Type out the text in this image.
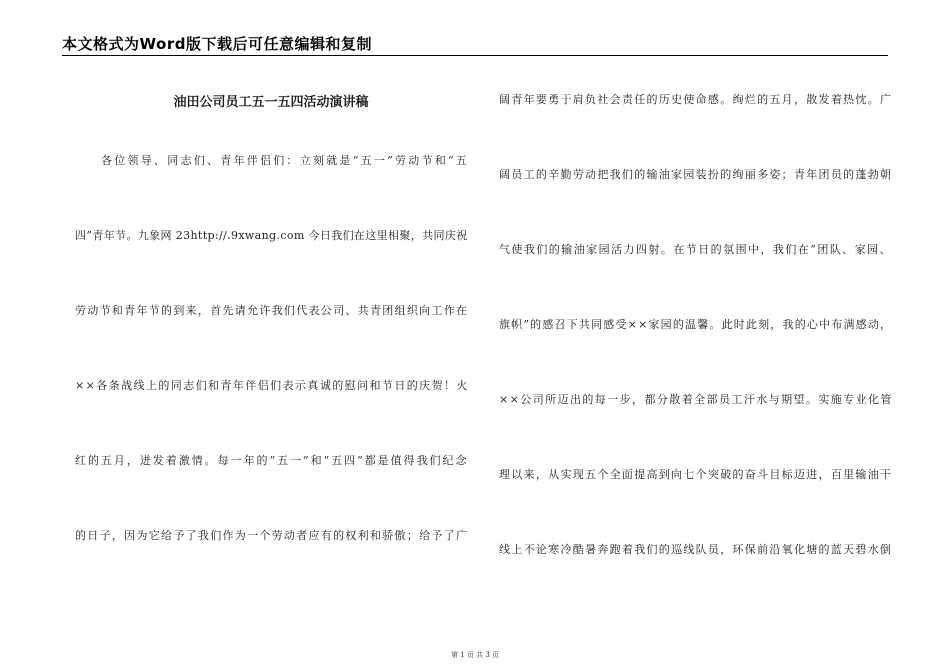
本文格式为Word版下载后可任意编辑和复制
油田公司员工五一五四活动演讲稿
各位领导、同志们、青年伴侣们：立刻就是“五一”劳动节和“五
四”青年节。九象网 23http://.9xwang.com 今日我们在这里相聚，共同庆祝
劳动节和青年节的到来，首先请允许我们代表公司、共青团组织向工作在
××各条战线上的同志们和青年伴侣们表示真诚的慰问和节日的庆贺！火
红的五月，迸发着激情。每一年的“五一”和“五四”都是值得我们纪念
的日子，因为它给予了我们作为一个劳动者应有的权利和骄傲；给予了广
阔青年要勇于肩负社会责任的历史使命感。绚烂的五月，散发着热忱。广
阔员工的辛勤劳动把我们的输油家园装扮的绚丽多姿；青年团员的蓬勃朝
气使我们的输油家园活力四射。在节日的氛围中，我们在“团队、家园、
旗帜”的感召下共同感受××家园的温馨。此时此刻，我的心中布满感动，
××公司所迈出的每一步，都分散着全部员工汗水与期望。实施专业化管
理以来，从实现五个全面提高到向七个突破的奋斗目标迈进，百里输油干
线上不论寒冷酷暑奔跑着我们的巡线队员，环保前沿氧化塘的蓝天碧水倒
第 1 页 共 3 页
